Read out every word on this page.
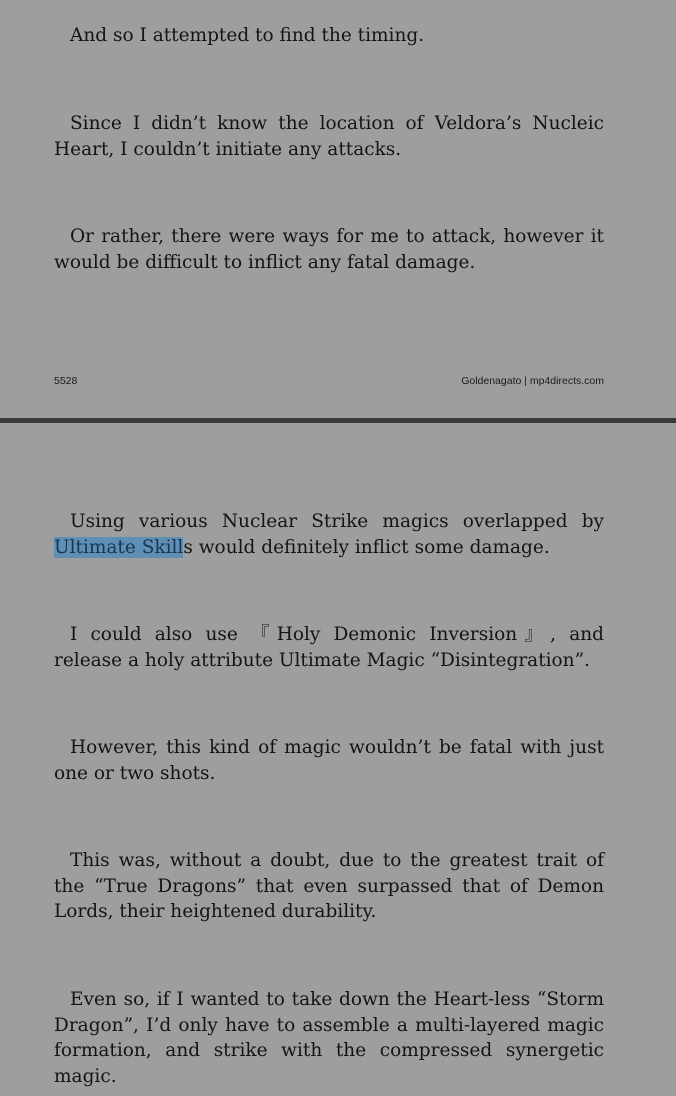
And so I attempted to find the timing.

Since I didn’t know the location of Veldora’s Nucleic Heart, I couldn’t initiate any attacks.

Or rather, there were ways for me to attack, however it would be difficult to inflict any fatal damage.

5528	Goldenagato | mp4directs.com

Using various Nuclear Strike magics overlapped by Ultimate Skills would definitely inflict some damage.

I could also use 『Holy Demonic Inversion』, and release a holy attribute Ultimate Magic “Disintegration”.

However, this kind of magic wouldn’t be fatal with just one or two shots.

This was, without a doubt, due to the greatest trait of the “True Dragons” that even surpassed that of Demon Lords, their heightened durability.

Even so, if I wanted to take down the Heart-less “Storm Dragon”, I’d only have to assemble a multi-layered magic formation, and strike with the compressed synergetic magic.
